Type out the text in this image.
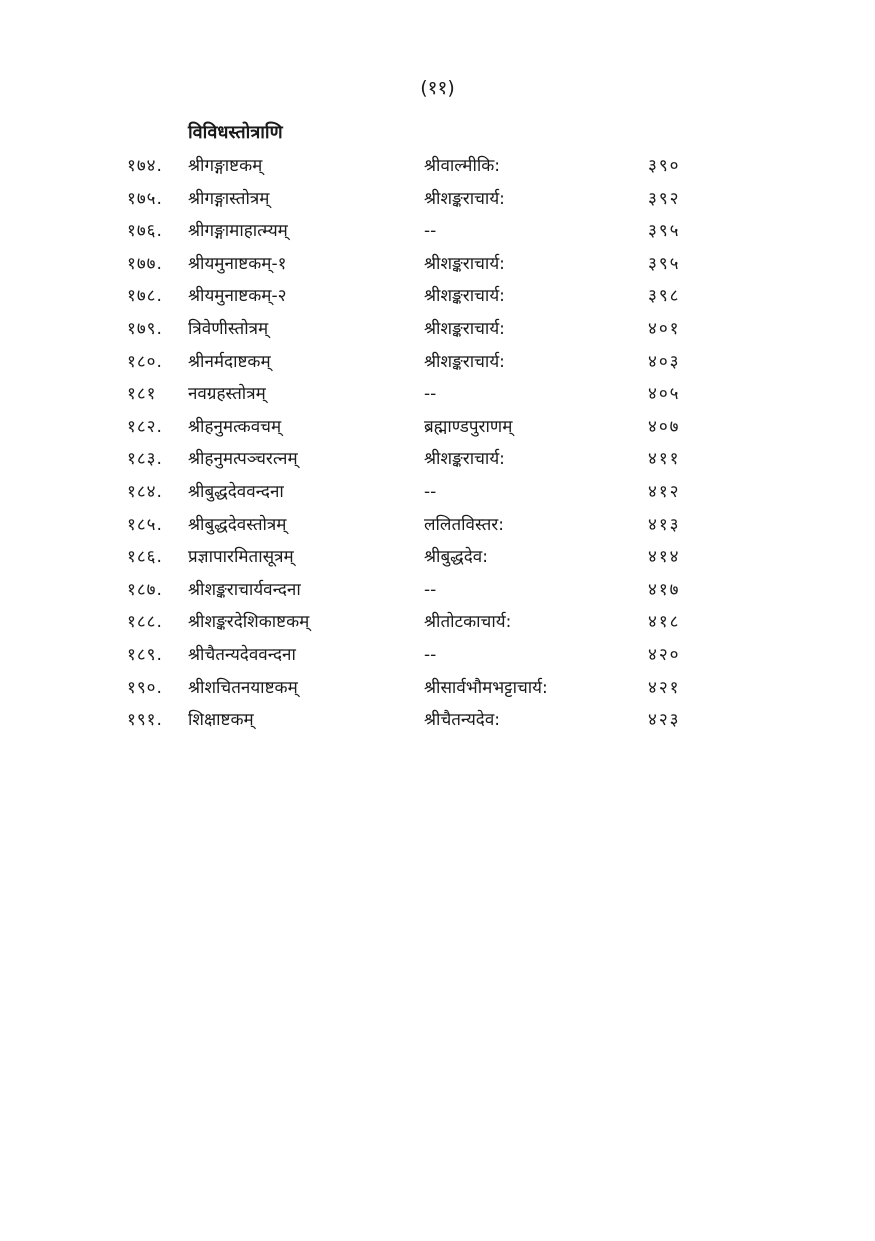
(११)
विविधस्तोत्राणि
१७४. श्रीगङ्गाष्टकम्	श्रीवाल्मीकि:	३९०
१७५. श्रीगङ्गास्तोत्रम्	श्रीशङ्कराचार्य:	३९२
१७६. श्रीगङ्गामाहात्म्यम्	--	३९५
१७७. श्रीयमुनाष्टकम्-१	श्रीशङ्कराचार्य:	३९५
१७८. श्रीयमुनाष्टकम्-२	श्रीशङ्कराचार्य:	३९८
१७९. त्रिवेणीस्तोत्रम्	श्रीशङ्कराचार्य:	४०१
१८०. श्रीनर्मदाष्टकम्	श्रीशङ्कराचार्य:	४०३
१८१ नवग्रहस्तोत्रम्	--	४०५
१८२. श्रीहनुमत्कवचम्	ब्रह्माण्डपुराणम्	४०७
१८३. श्रीहनुमत्पञ्चरत्नम्	श्रीशङ्कराचार्य:	४११
१८४. श्रीबुद्धदेववन्दना	--	४१२
१८५. श्रीबुद्धदेवस्तोत्रम्	ललितविस्तर:	४१३
१८६. प्रज्ञापारमितासूत्रम्	श्रीबुद्धदेव:	४१४
१८७. श्रीशङ्कराचार्यवन्दना	--	४१७
१८८. श्रीशङ्करदेशिकाष्टकम्	श्रीतोटकाचार्य:	४१८
१८९. श्रीचैतन्यदेववन्दना	--	४२०
१९०. श्रीशचितनयाष्टकम्	श्रीसार्वभौमभट्टाचार्य:	४२१
१९१. शिक्षाष्टकम्	श्रीचैतन्यदेव:	४२३
